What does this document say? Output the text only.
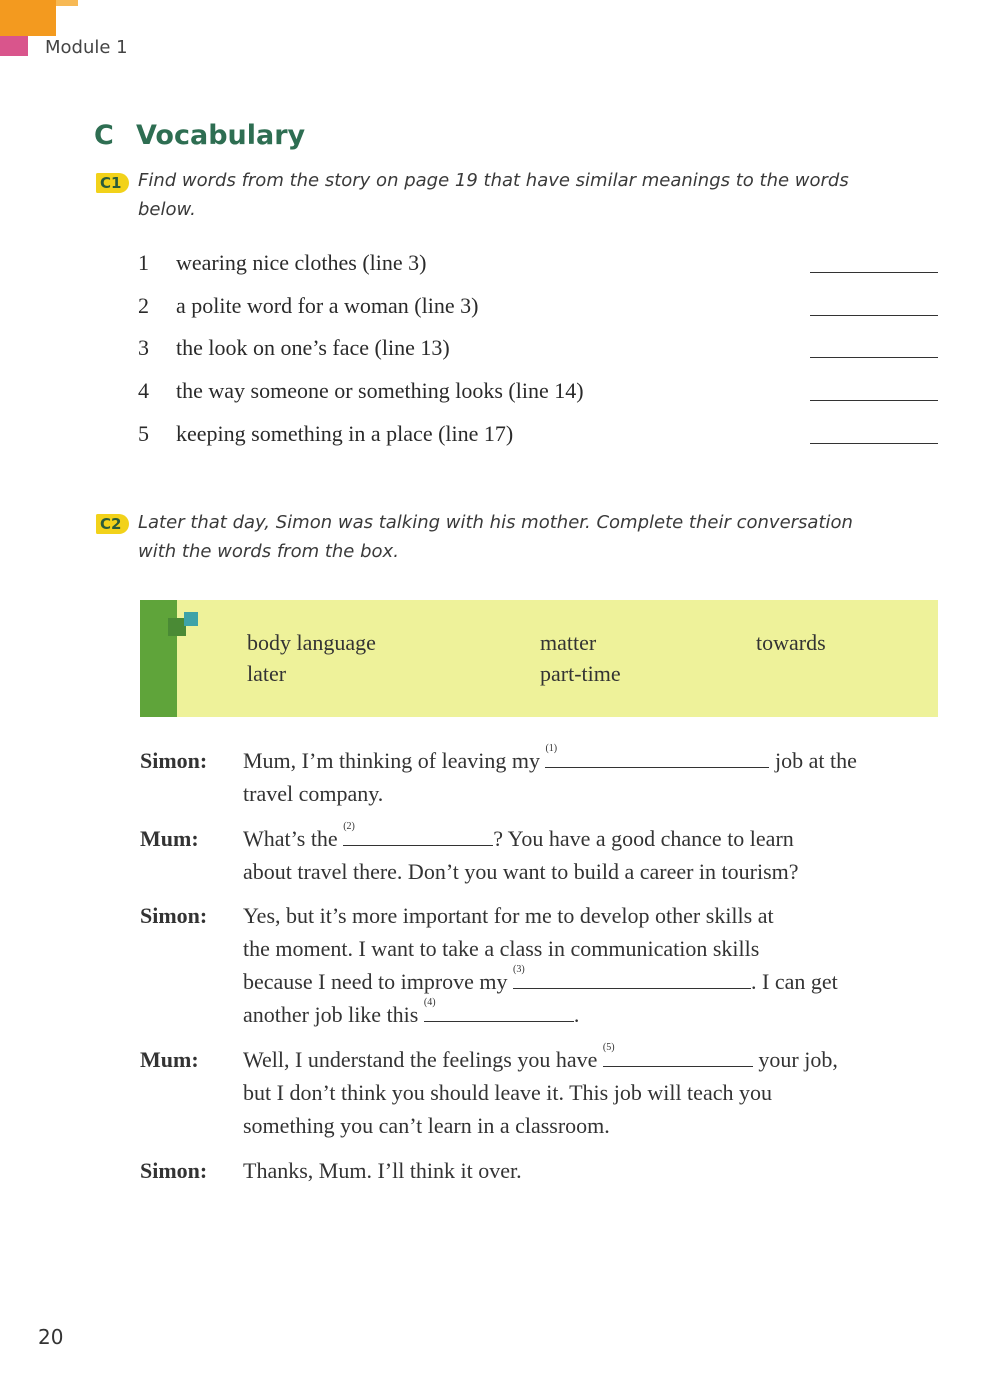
Module 1
C Vocabulary
C1 Find words from the story on page 19 that have similar meanings to the words
below.
1 wearing nice clothes (line 3)
2 a polite word for a woman (line 3)
3 the look on one’s face (line 13)
4 the way someone or something looks (line 14)
5 keeping something in a place (line 17)
C2 Later that day, Simon was talking with his mother. Complete their conversation
with the words from the box.
body language	matter	towards
later	part-time
Simon: Mum, I’m thinking of leaving my (1)	job at the
travel company.
Mum: What’s the (2)	? You have a good chance to learn
about travel there. Don’t you want to build a career in tourism?
Simon: Yes, but it’s more important for me to develop other skills at
the moment. I want to take a class in communication skills
because I need to improve my (3)	. I can get
another job like this (4)	.
Mum: Well, I understand the feelings you have (5)	your job,
but I don’t think you should leave it. This job will teach you
something you can’t learn in a classroom.
Simon: Thanks, Mum. I’ll think it over.
20
